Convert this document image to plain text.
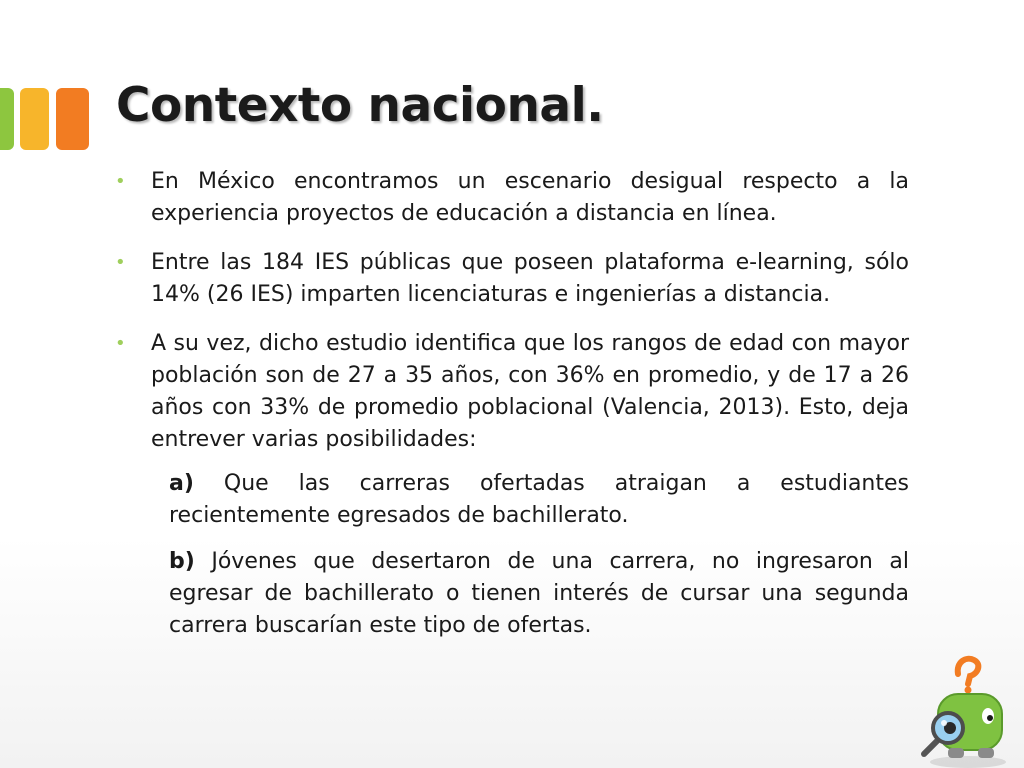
Contexto nacional.
• En México encontramos un escenario desigual respecto a la experiencia proyectos de educación a distancia en línea.
• Entre las 184 IES públicas que poseen plataforma e-learning, sólo 14% (26 IES) imparten licenciaturas e ingenierías a distancia.
• A su vez, dicho estudio identifica que los rangos de edad con mayor población son de 27 a 35 años, con 36% en promedio, y de 17 a 26 años con 33% de promedio poblacional (Valencia, 2013). Esto, deja entrever varias posibilidades:
a) Que las carreras ofertadas atraigan a estudiantes recientemente egresados de bachillerato.
b) Jóvenes que desertaron de una carrera, no ingresaron al egresar de bachillerato o tienen interés de cursar una segunda carrera buscarían este tipo de ofertas.
